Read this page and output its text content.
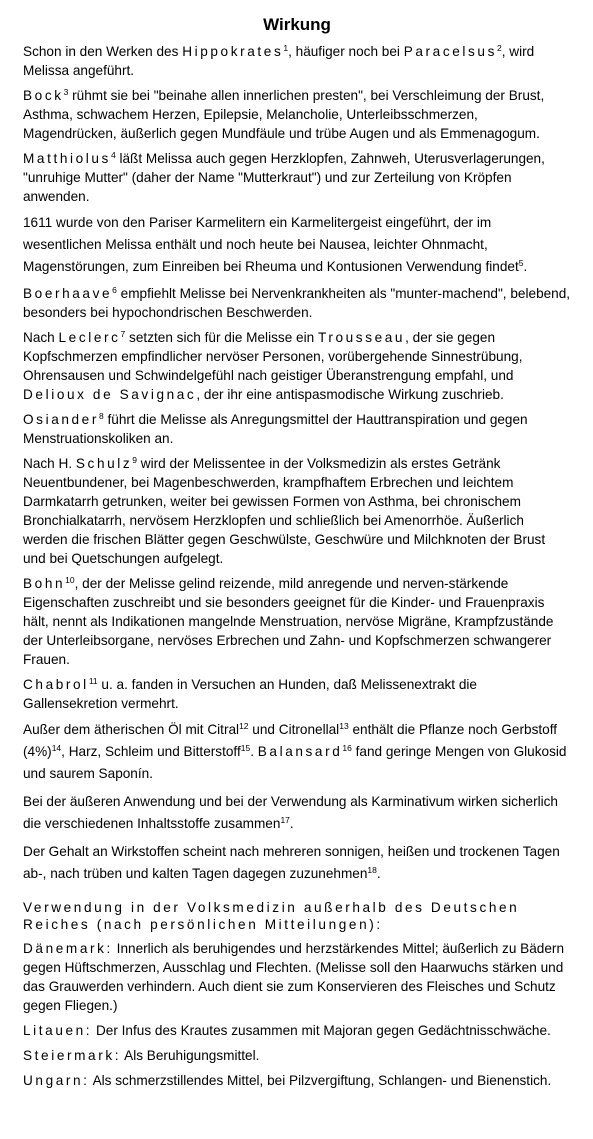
Wirkung

Schon in den Werken des Hippokrates$^1$, häufiger noch bei Paracelsus$^2$, wird Melissa angeführt.

Bock$^3$ rühmt sie bei "beinahe allen innerlichen presten", bei Verschleimung der Brust, Asthma, schwachem Herzen, Epilepsie, Melancholie, Unterleibsschmerzen, Magendrücken, äußerlich gegen Mundfäule und trübe Augen und als Emmenagogum.

Matthiolus$^4$ läßt Melissa auch gegen Herzklopfen, Zahnweh, Uterusverlagerungen, "unruhige Mutter" (daher der Name "Mutterkraut") und zur Zerteilung von Kröpfen anwenden.

1611 wurde von den Pariser Karmelitern ein Karmelitergeist eingeführt, der im wesentlichen Melissa enthält und noch heute bei Nausea, leichter Ohnmacht, Magenstörungen, zum Einreiben bei Rheuma und Kontusionen Verwendung findet$^5$.

Boerhaave$^6$ empfiehlt Melisse bei Nervenkrankheiten als "munter-machend", belebend, besonders bei hypochondrischen Beschwerden.

Nach Leclerc$^7$ setzten sich für die Melisse ein Trousseau, der sie gegen Kopfschmerzen empfindlicher nervöser Personen, vorübergehende Sinnestrübung, Ohrensausen und Schwindelgefühl nach geistiger Überanstrengung empfahl, und Delioux de Savignac, der ihr eine antispasmodische Wirkung zuschrieb.

Osiander$^8$ führt die Melisse als Anregungsmittel der Hauttranspiration und gegen Menstruationskoliken an.

Nach H. Schulz$^9$ wird der Melissentee in der Volksmedizin als erstes Getränk Neuentbundener, bei Magenbeschwerden, krampfhaftem Erbrechen und leichtem Darmkatarrh getrunken, weiter bei gewissen Formen von Asthma, bei chronischem Bronchialkatarrh, nervösem Herzklopfen und schließlich bei Amenorrhöe. Äußerlich werden die frischen Blätter gegen Geschwülste, Geschwüre und Milchknoten der Brust und bei Quetschungen aufgelegt.

Bohn$^{10}$, der der Melisse gelind reizende, mild anregende und nerven-stärkende Eigenschaften zuschreibt und sie besonders geeignet für die Kinder- und Frauenpraxis hält, nennt als Indikationen mangelnde Menstruation, nervöse Migräne, Krampfzustände der Unterleibsorgane, nervöses Erbrechen und Zahn- und Kopfschmerzen schwangerer Frauen.

Chabrol$^{11}$ u. a. fanden in Versuchen an Hunden, daß Melissenextrakt die Gallensekretion vermehrt.

Außer dem ätherischen Öl mit Citral$^{12}$ und Citronellal$^{13}$ enthält die Pflanze noch Gerbstoff $(4\%)^{14}$, Harz, Schleim und Bitterstoff$^{15}$. Balansard$^{16}$ fand geringe Mengen von Glukosid und saurem Saponín.

Bei der äußeren Anwendung und bei der Verwendung als Karminativum wirken sicherlich die verschiedenen Inhaltsstoffe zusammen$^{17}$.

Der Gehalt an Wirkstoffen scheint nach mehreren sonnigen, heißen und trockenen Tagen ab-, nach trüben und kalten Tagen dagegen zuzunehmen$^{18}$.

Verwendung in der Volksmedizin außerhalb des Deutschen Reiches (nach persönlichen Mitteilungen):

Dänemark: Innerlich als beruhigendes und herzstärkendes Mittel; äußerlich zu Bädern gegen Hüftschmerzen, Ausschlag und Flechten. (Melisse soll den Haarwuchs stärken und das Grauwerden verhindern. Auch dient sie zum Konservieren des Fleisches und Schutz gegen Fliegen.)

Litauen: Der Infus des Krautes zusammen mit Majoran gegen Gedächtnisschwäche.

Steiermark: Als Beruhigungsmittel.

Ungarn: Als schmerzstillendes Mittel, bei Pilzvergiftung, Schlangen- und Bienenstich.
